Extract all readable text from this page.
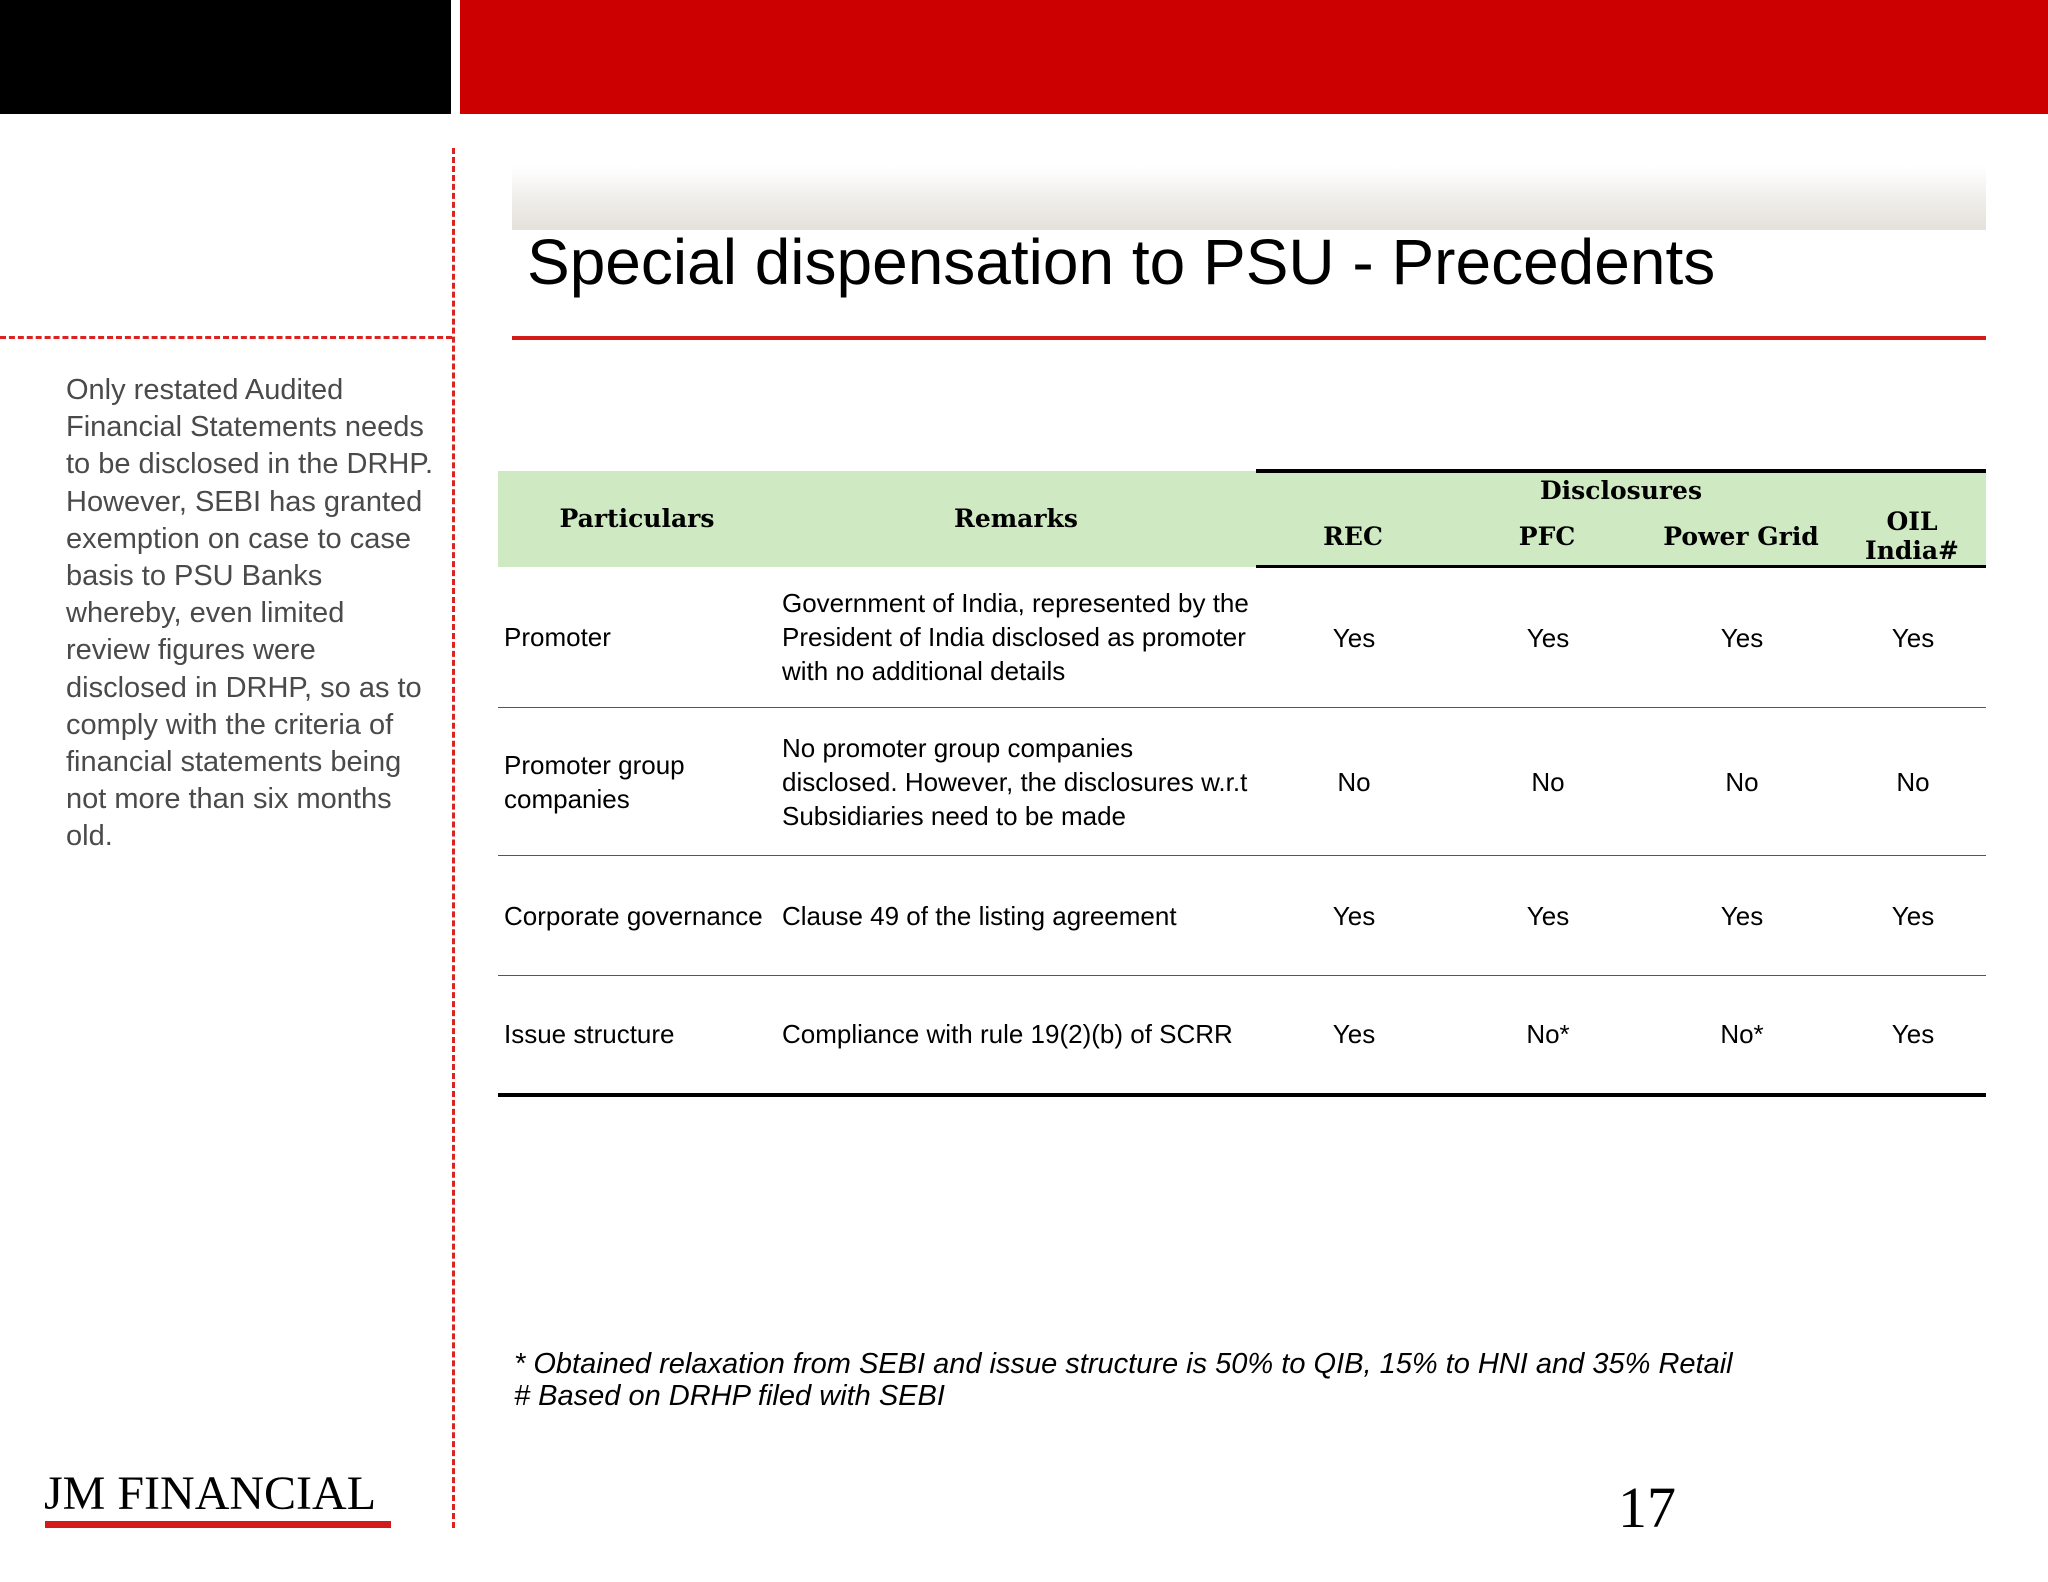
Special dispensation to PSU - Precedents
Only restated Audited Financial Statements needs to be disclosed in the DRHP. However, SEBI has granted exemption on case to case basis to PSU Banks whereby, even limited review figures were disclosed in DRHP, so as to comply with the criteria of financial statements being not more than six months old.
Particulars	Remarks	Disclosures			
		REC	PFC	Power Grid	OIL India#
Promoter	Government of India, represented by the President of India disclosed as promoter with no additional details	Yes	Yes	Yes	Yes
Promoter group companies	No promoter group companies disclosed. However, the disclosures w.r.t Subsidiaries need to be made	No	No	No	No
Corporate governance	Clause 49 of the listing agreement	Yes	Yes	Yes	Yes
Issue structure	Compliance with rule 19(2)(b) of SCRR	Yes	No*	No*	Yes
* Obtained relaxation from SEBI and issue structure is 50% to QIB, 15% to HNI and 35% Retail
# Based on DRHP filed with SEBI
JM FINANCIAL	17
